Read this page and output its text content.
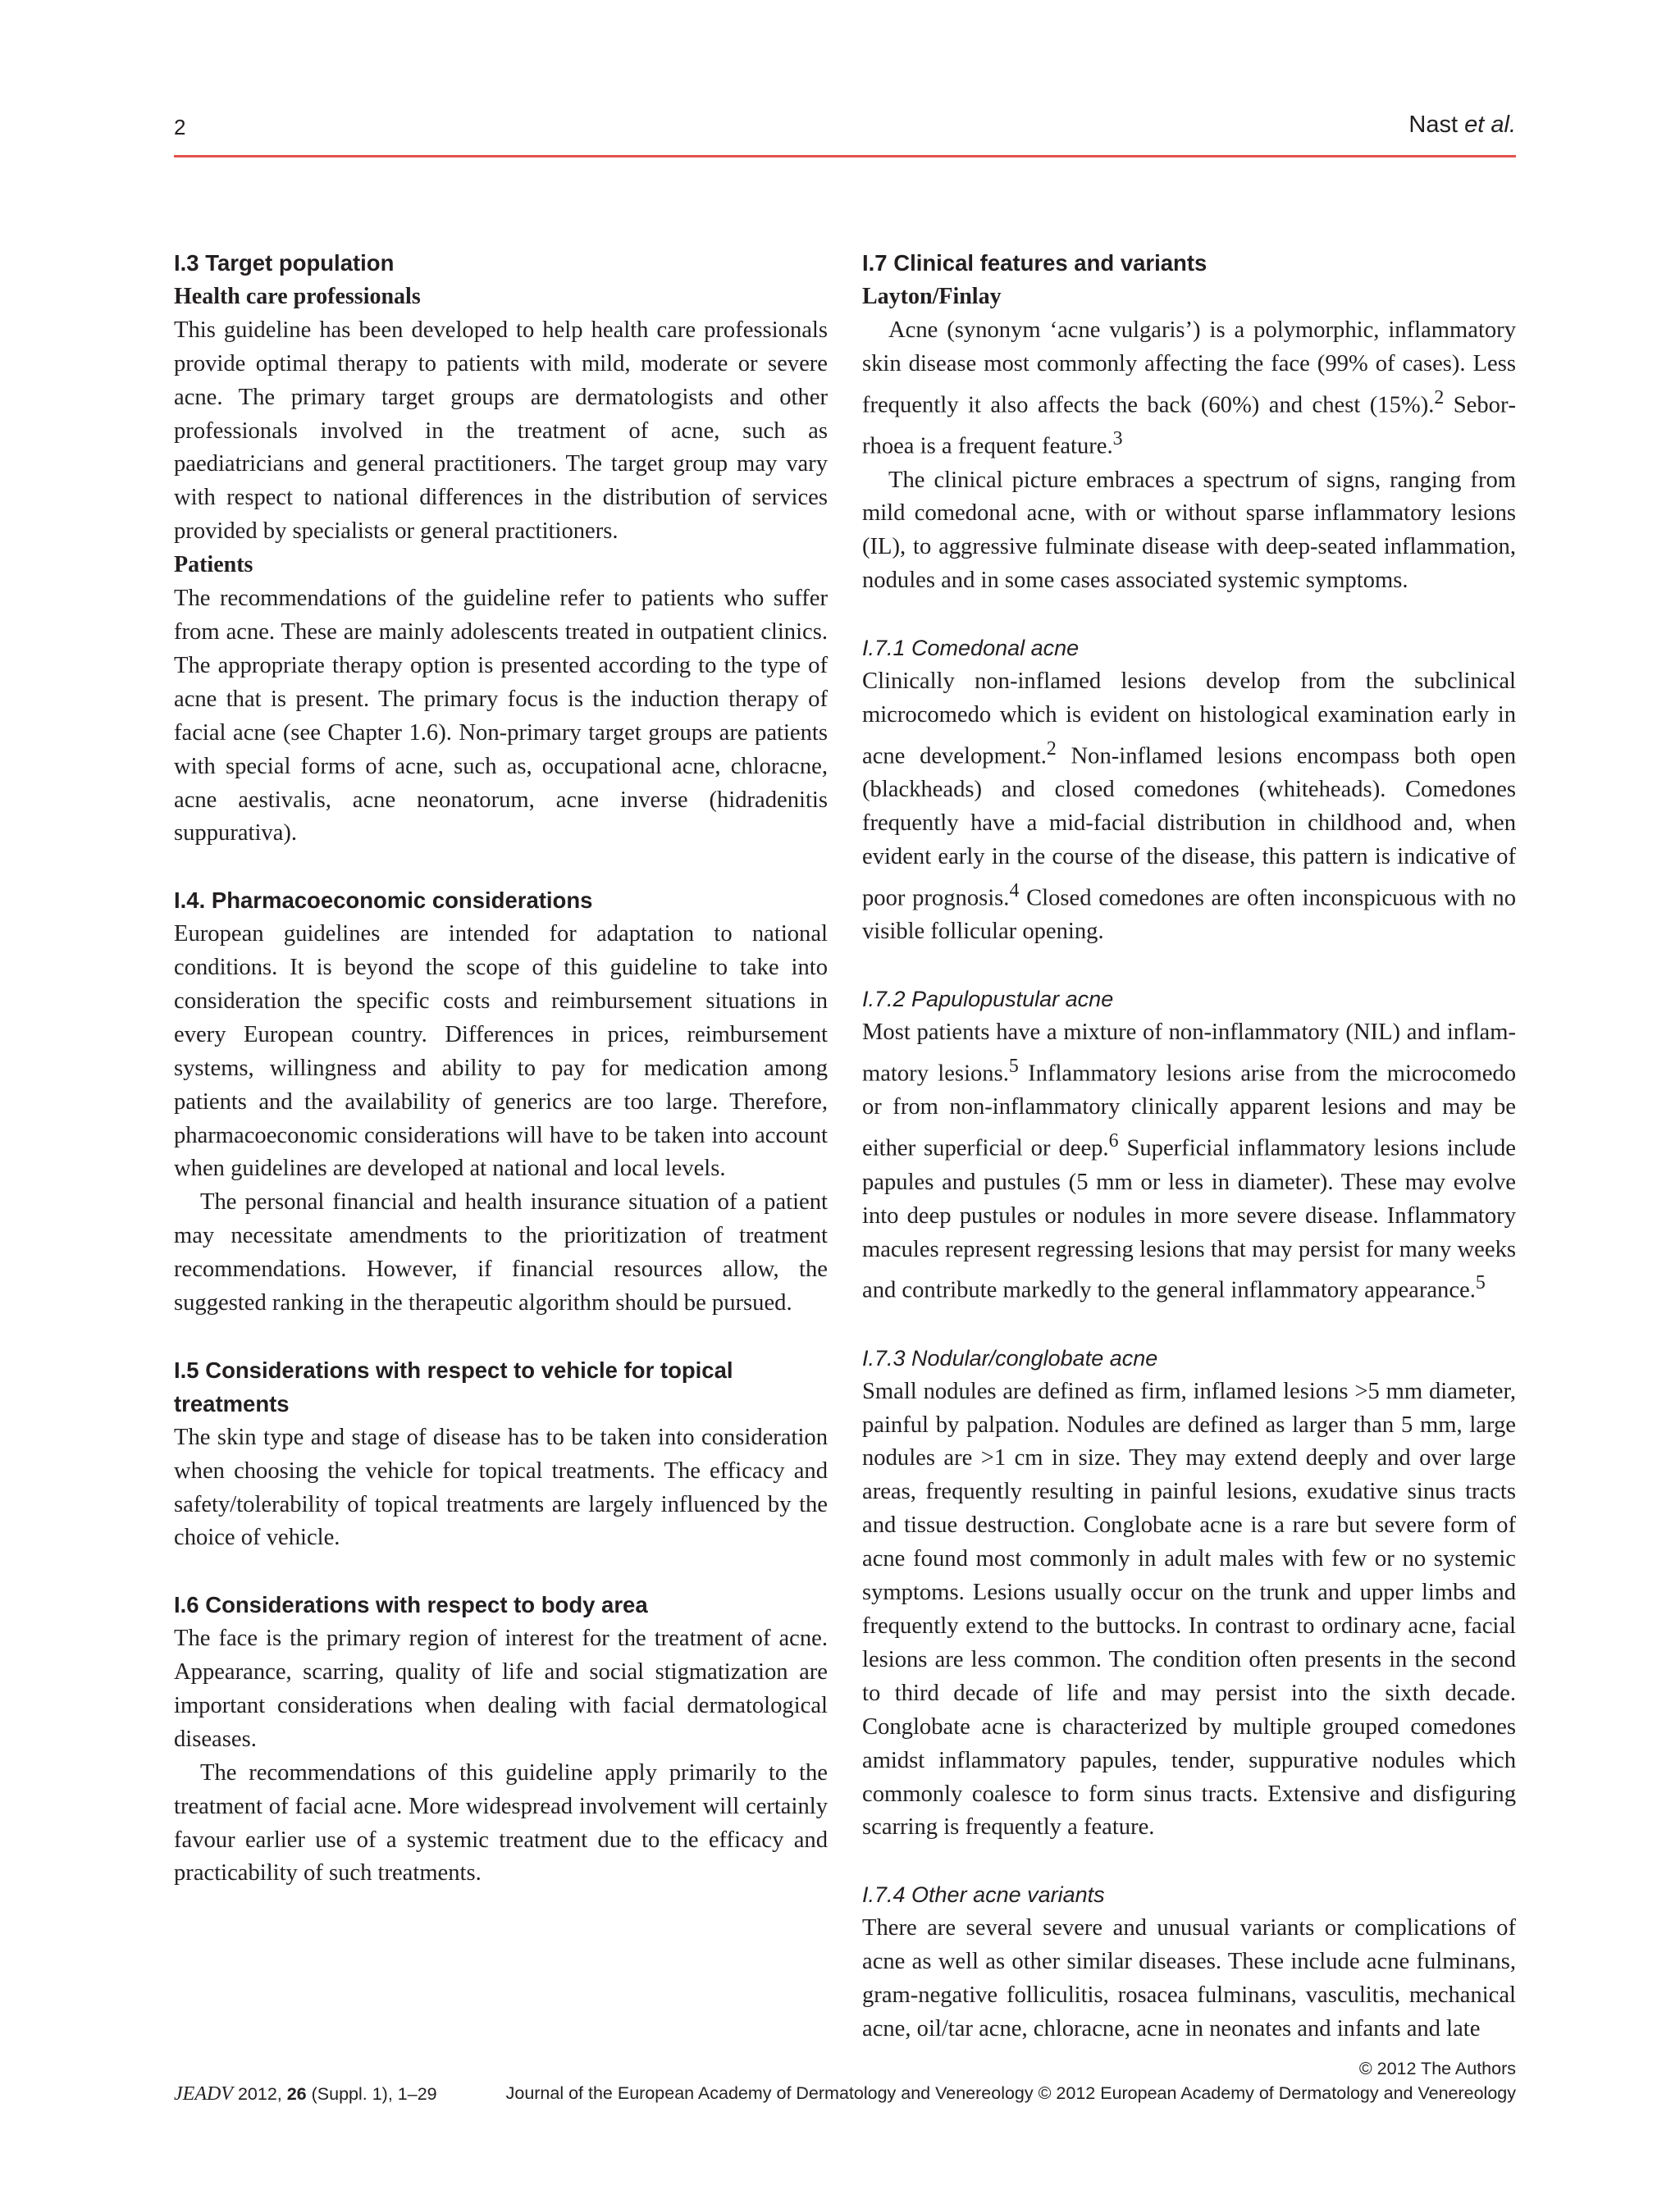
2	Nast et al.
I.3 Target population
Health care professionals

This guideline has been developed to help health care professionals provide optimal therapy to patients with mild, moderate or severe acne. The primary target groups are dermatologists and other professionals involved in the treatment of acne, such as paediatricians and general practitioners. The target group may vary with respect to national differences in the distribution of services provided by specialists or general practitioners.

Patients

The recommendations of the guideline refer to patients who suffer from acne. These are mainly adolescents treated in outpatient clinics. The appropriate therapy option is presented according to the type of acne that is present. The primary focus is the induction therapy of facial acne (see Chapter 1.6). Non-primary target groups are patients with special forms of acne, such as, occupational acne, chloracne, acne aestivalis, acne neonatorum, acne inverse (hidradenitis suppurativa).

I.4. Pharmacoeconomic considerations

European guidelines are intended for adaptation to national conditions. It is beyond the scope of this guideline to take into consideration the specific costs and reimbursement situations in every European country. Differences in prices, reimbursement systems, willingness and ability to pay for medication among patients and the availability of generics are too large. Therefore, pharmacoeconomic considerations will have to be taken into account when guidelines are developed at national and local levels.

The personal financial and health insurance situation of a patient may necessitate amendments to the prioritization of treatment recommendations. However, if financial resources allow, the suggested ranking in the therapeutic algorithm should be pursued.

I.5 Considerations with respect to vehicle for topical treatments

The skin type and stage of disease has to be taken into consideration when choosing the vehicle for topical treatments. The efficacy and safety/tolerability of topical treatments are largely influenced by the choice of vehicle.

I.6 Considerations with respect to body area

The face is the primary region of interest for the treatment of acne. Appearance, scarring, quality of life and social stigmatization are important considerations when dealing with facial dermatological diseases.

The recommendations of this guideline apply primarily to the treatment of facial acne. More widespread involvement will certainly favour earlier use of a systemic treatment due to the efficacy and practicability of such treatments.

I.7 Clinical features and variants
Layton/Finlay

Acne (synonym ‘acne vulgaris’) is a polymorphic, inflammatory skin disease most commonly affecting the face (99% of cases). Less frequently it also affects the back (60%) and chest (15%).$^2$ Seborrhoea is a frequent feature.$^3$

The clinical picture embraces a spectrum of signs, ranging from mild comedonal acne, with or without sparse inflammatory lesions (IL), to aggressive fulminate disease with deep-seated inflammation, nodules and in some cases associated systemic symptoms.

I.7.1 Comedonal acne

Clinically non-inflamed lesions develop from the subclinical microcomedo which is evident on histological examination early in acne development.$^2$ Non-inflamed lesions encompass both open (blackheads) and closed comedones (whiteheads). Comedones frequently have a mid-facial distribution in childhood and, when evident early in the course of the disease, this pattern is indicative of poor prognosis.$^4$ Closed comedones are often inconspicuous with no visible follicular opening.

I.7.2 Papulopustular acne

Most patients have a mixture of non-inflammatory (NIL) and inflammatory lesions.$^5$ Inflammatory lesions arise from the microcomedo or from non-inflammatory clinically apparent lesions and may be either superficial or deep.$^6$ Superficial inflammatory lesions include papules and pustules (5 mm or less in diameter). These may evolve into deep pustules or nodules in more severe disease. Inflammatory macules represent regressing lesions that may persist for many weeks and contribute markedly to the general inflammatory appearance.$^5$

I.7.3 Nodular/conglobate acne

Small nodules are defined as firm, inflamed lesions >5 mm diameter, painful by palpation. Nodules are defined as larger than 5 mm, large nodules are >1 cm in size. They may extend deeply and over large areas, frequently resulting in painful lesions, exudative sinus tracts and tissue destruction. Conglobate acne is a rare but severe form of acne found most commonly in adult males with few or no systemic symptoms. Lesions usually occur on the trunk and upper limbs and frequently extend to the buttocks. In contrast to ordinary acne, facial lesions are less common. The condition often presents in the second to third decade of life and may persist into the sixth decade. Conglobate acne is characterized by multiple grouped comedones amidst inflammatory papules, tender, suppurative nodules which commonly coalesce to form sinus tracts. Extensive and disfiguring scarring is frequently a feature.

I.7.4 Other acne variants

There are several severe and unusual variants or complications of acne as well as other similar diseases. These include acne fulminans, gram-negative folliculitis, rosacea fulminans, vasculitis, mechanical acne, oil/tar acne, chloracne, acne in neonates and infants and late

© 2012 The Authors
JEADV 2012, 26 (Suppl. 1), 1–29	Journal of the European Academy of Dermatology and Venereology © 2012 European Academy of Dermatology and Venereology
